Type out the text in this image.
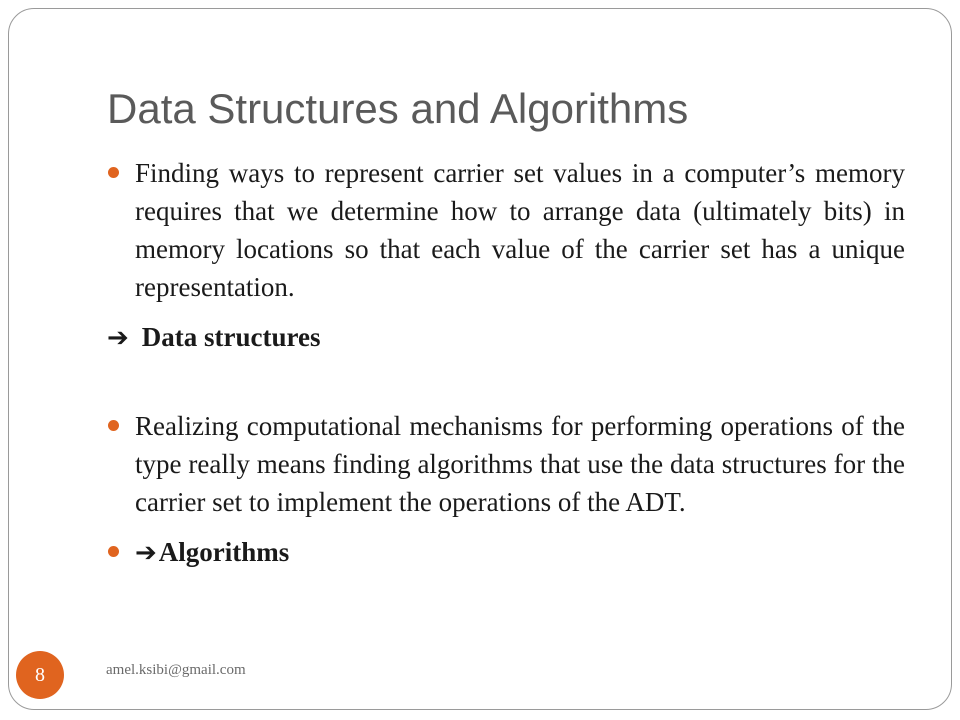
Data Structures and Algorithms

Finding ways to represent carrier set values in a computer’s memory requires that we determine how to arrange data (ultimately bits) in memory locations so that each value of the carrier set has a unique representation.

➔ Data structures

Realizing computational mechanisms for performing operations of the type really means finding algorithms that use the data structures for the carrier set to implement the operations of the ADT.

➔Algorithms

8	amel.ksibi@gmail.com
